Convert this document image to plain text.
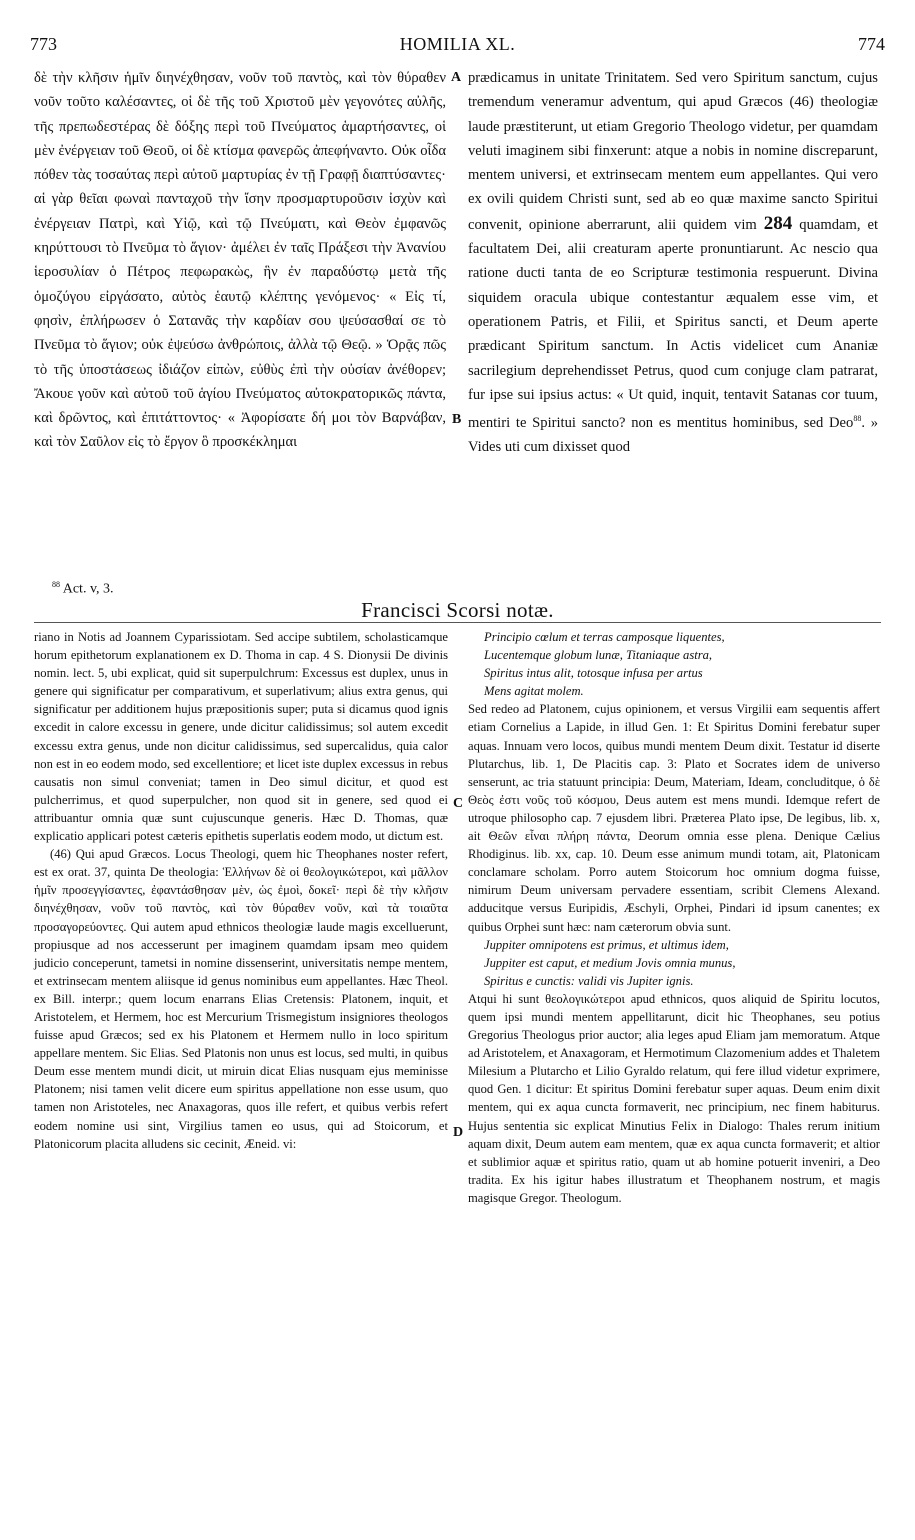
773	HOMILIA XL.	774
δὲ τὴν κλῆσιν ἡμῖν διηνέχθησαν, νοῦν τοῦ παντὸς, καὶ τὸν θύραθεν νοῦν τοῦτο καλέσαντες, οἱ δὲ τῆς τοῦ Χριστοῦ μὲν γεγονότες αὐλῆς, τῆς πρεπωδεστέρας δὲ δόξης περὶ τοῦ Πνεύματος ἁμαρτήσαντες, οἱ μὲν ἐνέργειαν τοῦ Θεοῦ, οἱ δὲ κτίσμα φανερῶς ἀπεφήναντο. Οὐκ οἶδα πόθεν τὰς τοσαύτας περὶ αὐτοῦ μαρτυρίας ἐν τῇ Γραφῇ διαπτύσαντες· αἱ γὰρ θεῖαι φωναὶ πανταχοῦ τὴν ἴσην προσμαρτυροῦσιν ἰσχὺν καὶ ἐνέργειαν Πατρὶ, καὶ Υἱῷ, καὶ τῷ Πνεύματι, καὶ Θεὸν ἐμφανῶς κηρύττουσι τὸ Πνεῦμα τὸ ἅγιον· ἀμέλει ἐν ταῖς Πράξεσι τὴν Ἀνανίου ἱεροσυλίαν ὁ Πέτρος πεφωρακὼς, ἣν ἐν παραδύστῳ μετὰ τῆς ὁμοζύγου εἰργάσατο, αὐτὸς ἑαυτῷ κλέπτης γενόμενος· « Εἰς τί, φησὶν, ἐπλήρωσεν ὁ Σατανᾶς τὴν καρδίαν σου ψεύσασθαί σε τὸ Πνεῦμα τὸ ἅγιον; οὐκ ἐψεύσω ἀνθρώποις, ἀλλὰ τῷ Θεῷ. » Ὁρᾷς πῶς τὸ τῆς ὑποστάσεως ἰδιάζον εἰπὼν, εὐθὺς ἐπὶ τὴν οὐσίαν ἀνέθορεν; Ἄκουε γοῦν καὶ αὐτοῦ τοῦ ἁγίου Πνεύματος αὐτοκρατορικῶς πάντα, καὶ δρῶντος, καὶ ἐπιτάττοντος· « Ἀφορίσατε δή μοι τὸν Βαρνάβαν, καὶ τὸν Σαῦλον εἰς τὸ ἔργον ὃ προσκέκλημαι
prædicamus in unitate Trinitatem. Sed vero Spiritum sanctum, cujus tremendum veneramur adventum, qui apud Græcos (46) theologiæ laude præstiterunt, ut etiam Gregorio Theologo videtur, per quamdam veluti imaginem sibi finxerunt: atque a nobis in nomine discreparunt, mentem universi, et extrinsecam mentem eum appellantes. Qui vero ex ovili quidem Christi sunt, sed ab eo quæ maxime sancto Spiritui convenit, opinione aberrarunt, alii quidem vim 284 quamdam, et facultatem Dei, alii creaturam aperte pronuntiarunt. Ac nescio qua ratione ducti tanta de eo Scripturæ testimonia respuerunt. Divina siquidem oracula ubique contestantur æqualem esse vim, et operationem Patris, et Filii, et Spiritus sancti, et Deum aperte prædicant Spiritum sanctum. In Actis videlicet cum Ananiæ sacrilegium deprehendisset Petrus, quod cum conjuge clam patrarat, fur ipse sui ipsius actus: « Ut quid, inquit, tentavit Satanas cor tuum, mentiri te Spiritui sancto? non es mentitus hominibus, sed Deo$^{88}$. » Vides uti cum dixisset quod
A
B
C
D
$^{88}$ Act. v, 3.
Francisci Scorsi notæ.

riano in Notis ad Joannem Cyparissiotam. Sed accipe subtilem, scholasticamque horum epithetorum explanationem ex D. Thoma in cap. 4 S. Dionysii De divinis nomin. lect. 5, ubi explicat, quid sit superpulchrum: Excessus est duplex, unus in genere qui significatur per comparativum, et superlativum; alius extra genus, qui significatur per additionem hujus præpositionis super; puta si dicamus quod ignis excedit in calore excessu in genere, unde dicitur calidissimus; sol autem excedit excessu extra genus, unde non dicitur calidissimus, sed supercalidus, quia calor non est in eo eodem modo, sed excellentiore; et licet iste duplex excessus in rebus causatis non simul conveniat; tamen in Deo simul dicitur, et quod est pulcherrimus, et quod superpulcher, non quod sit in genere, sed quod ei attribuantur omnia quæ sunt cujuscunque generis. Hæc D. Thomas, quæ explicatio applicari potest cæteris epithetis superlatis eodem modo, ut dictum est.

(46) Qui apud Græcos. Locus Theologi, quem hic Theophanes noster refert, est ex orat. 37, quinta De theologia: Ἑλλήνων δὲ οἱ θεολογικώτεροι, καὶ μᾶλλον ἡμῖν προσεγγίσαντες, ἐφαντάσθησαν μὲν, ὡς ἐμοὶ, δοκεῖ· περὶ δὲ τὴν κλῆσιν διηνέχθησαν, νοῦν τοῦ παντὸς, καὶ τὸν θύραθεν νοῦν, καὶ τὰ τοιαῦτα προσαγορεύοντες. Qui autem apud ethnicos theologiæ laude magis excelluerunt, propiusque ad nos accesserunt per imaginem quamdam ipsam meo quidem judicio conceperunt, tametsi in nomine dissenserint, universitatis nempe mentem, et extrinsecam mentem aliisque id genus nominibus eum appellantes. Hæc Theol. ex Bill. interpr.; quem locum enarrans Elias Cretensis: Platonem, inquit, et Aristotelem, et Hermem, hoc est Mercurium Trismegistum insigniores theologos fuisse apud Græcos; sed ex his Platonem et Hermem nullo in loco spiritum appellare mentem. Sic Elias. Sed Platonis non unus est locus, sed multi, in quibus Deum esse mentem mundi dicit, ut miruin dicat Elias nusquam ejus meminisse Platonem; nisi tamen velit dicere eum spiritus appellatione non esse usum, quo tamen non Aristoteles, nec Anaxagoras, quos ille refert, et quibus verbis refert eodem nomine usi sint, Virgilius tamen eo usus, qui ad Stoicorum, et Platonicorum placita alludens sic cecinit, Æneid. vi:

Principio cœlum et terras camposque liquentes,

Lucentemque globum lunæ, Titaniaque astra,

Spiritus intus alit, totosque infusa per artus

Mens agitat molem.

Sed redeo ad Platonem, cujus opinionem, et versus Virgilii eam sequentis affert etiam Cornelius a Lapide, in illud Gen. 1: Et Spiritus Domini ferebatur super aquas. Innuam vero locos, quibus mundi mentem Deum dixit. Testatur id diserte Plutarchus, lib. 1, De Placitis cap. 3: Plato et Socrates idem de universo senserunt, ac tria statuunt principia: Deum, Materiam, Ideam, concluditque, ὁ δὲ Θεὸς ἐστι νοῦς τοῦ κόσμου, Deus autem est mens mundi. Idemque refert de utroque philosopho cap. 7 ejusdem libri. Præterea Plato ipse, De legibus, lib. x, ait Θεῶν εἶναι πλήρη πάντα, Deorum omnia esse plena. Denique Cælius Rhodiginus. lib. xx, cap. 10. Deum esse animum mundi totam, ait, Platonicam conclamare scholam. Porro autem Stoicorum hoc omnium dogma fuisse, nimirum Deum universam pervadere essentiam, scribit Clemens Alexand. adducitque versus Euripidis, Æschyli, Orphei, Pindari id ipsum canentes; ex quibus Orphei sunt hæc: nam cæterorum obvia sunt.

Juppiter omnipotens est primus, et ultimus idem,

Juppiter est caput, et medium Jovis omnia munus,

Spiritus e cunctis: validi vis Jupiter ignis.

Atqui hi sunt θεολογικώτεροι apud ethnicos, quos aliquid de Spiritu locutos, quem ipsi mundi mentem appellitarunt, dicit hic Theophanes, seu potius Gregorius Theologus prior auctor; alia leges apud Eliam jam memoratum. Atque ad Aristotelem, et Anaxagoram, et Hermotimum Clazomenium addes et Thaletem Milesium a Plutarcho et Lilio Gyraldo relatum, qui fere illud videtur exprimere, quod Gen. 1 dicitur: Et spiritus Domini ferebatur super aquas. Deum enim dixit mentem, qui ex aqua cuncta formaverit, nec principium, nec finem habiturus. Hujus sententia sic explicat Minutius Felix in Dialogo: Thales rerum initium aquam dixit, Deum autem eam mentem, quæ ex aqua cuncta formaverit; et altior et sublimior aquæ et spiritus ratio, quam ut ab homine potuerit inveniri, a Deo tradita. Ex his igitur habes illustratum et Theophanem nostrum, et magis magisque Gregor. Theologum.
